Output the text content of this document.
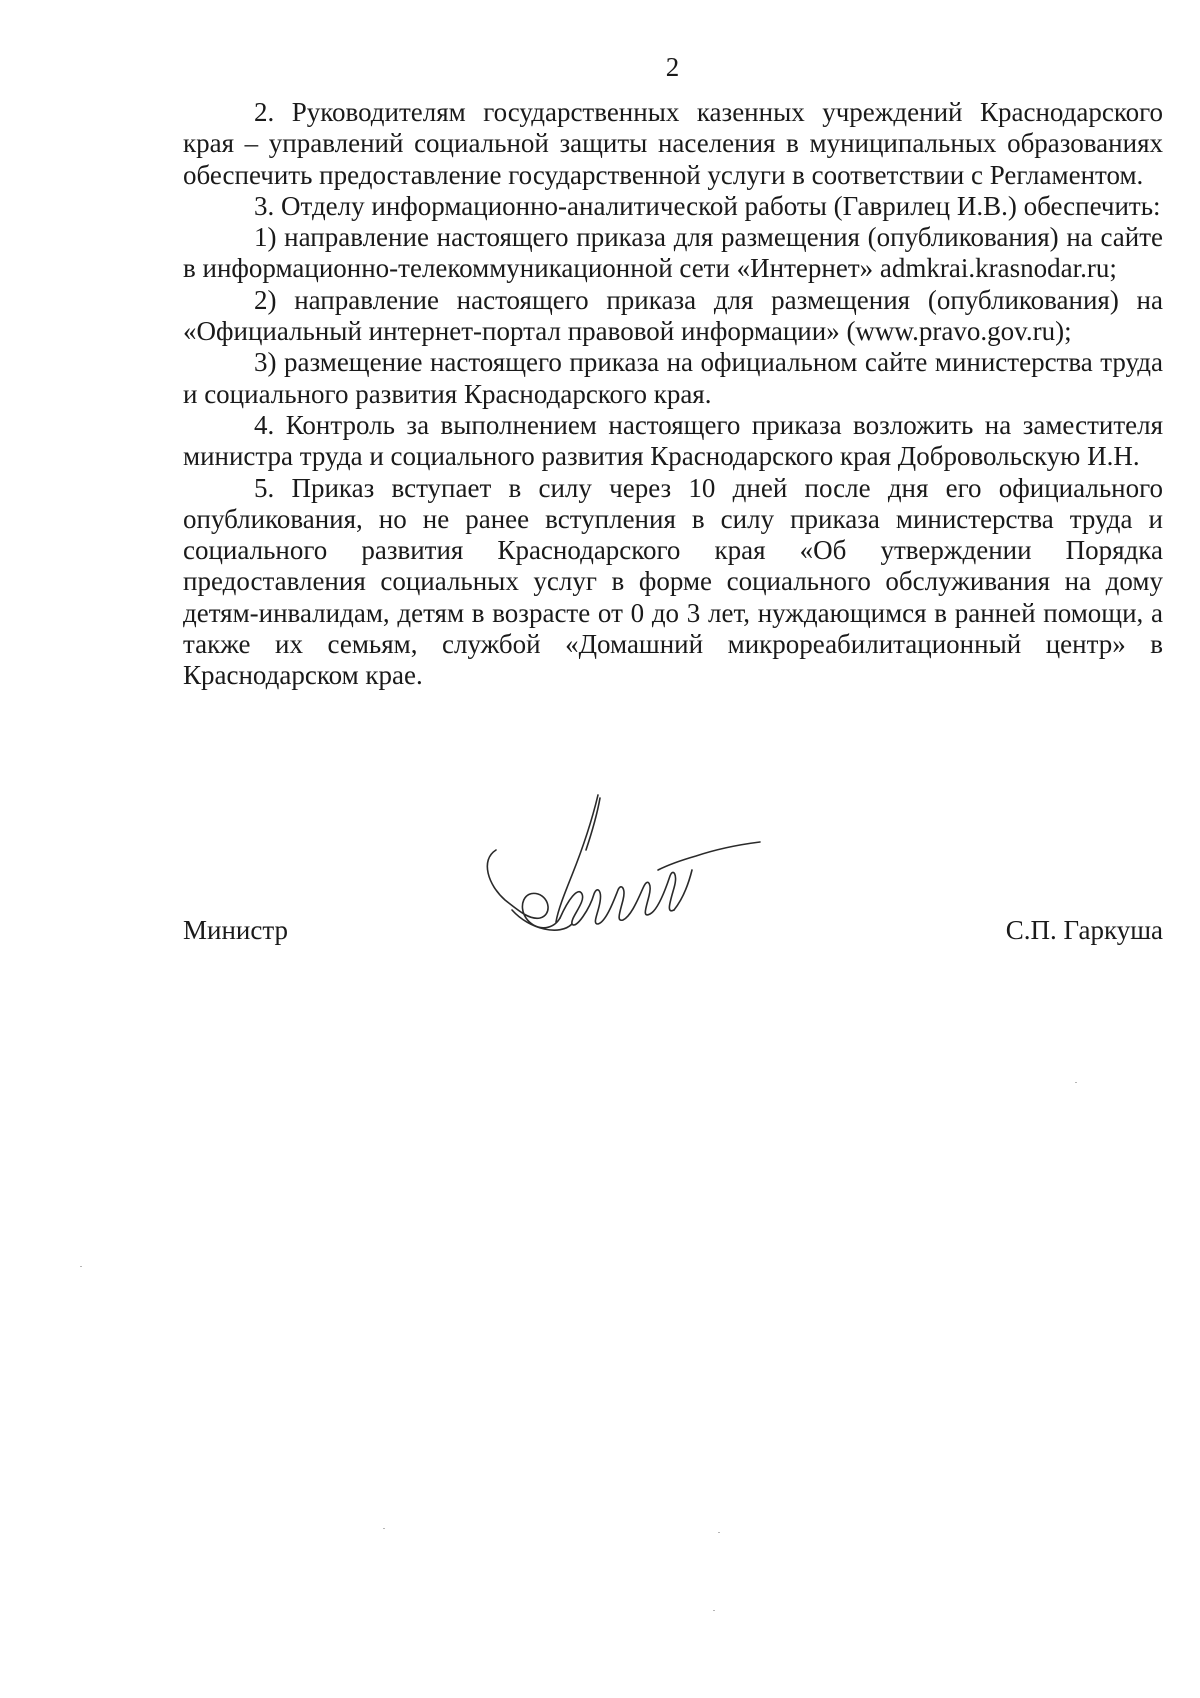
2

2. Руководителям государственных казенных учреждений Краснодарского края – управлений социальной защиты населения в муниципальных образованиях обеспечить предоставление государственной услуги в соответствии с Регламентом.

3. Отделу информационно-аналитической работы (Гаврилец И.В.) обеспечить:

1) направление настоящего приказа для размещения (опубликования) на сайте в информационно-телекоммуникационной сети «Интернет» admkrai.krasnodar.ru;

2) направление настоящего приказа для размещения (опубликования) на «Официальный интернет-портал правовой информации» (www.pravo.gov.ru);

3) размещение настоящего приказа на официальном сайте министерства труда и социального развития Краснодарского края.

4. Контроль за выполнением настоящего приказа возложить на заместителя министра труда и социального развития Краснодарского края Добровольскую И.Н.

5. Приказ вступает в силу через 10 дней после дня его официального опубликования, но не ранее вступления в силу приказа министерства труда и социального развития Краснодарского края «Об утверждении Порядка предоставления социальных услуг в форме социального обслуживания на дому детям-инвалидам, детям в возрасте от 0 до 3 лет, нуждающимся в ранней помощи, а также их семьям, службой «Домашний микрореабилитационный центр» в Краснодарском крае.

Министр	С.П. Гаркуша
